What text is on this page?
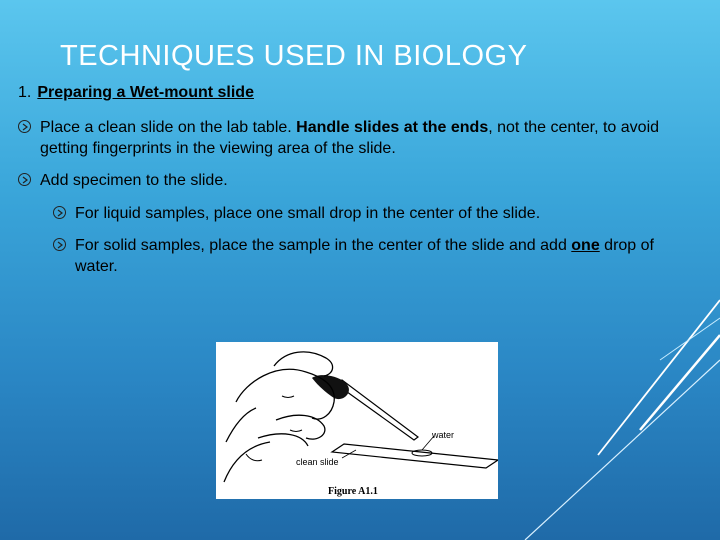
TECHNIQUES USED IN BIOLOGY
1. Preparing a Wet-mount slide
Place a clean slide on the lab table. Handle slides at the ends, not the center, to avoid getting fingerprints in the viewing area of the slide.
Add specimen to the slide.
For liquid samples, place one small drop in the center of the slide.
For solid samples, place the sample in the center of the slide and add one drop of water.
water
clean slide
Figure A1.1
